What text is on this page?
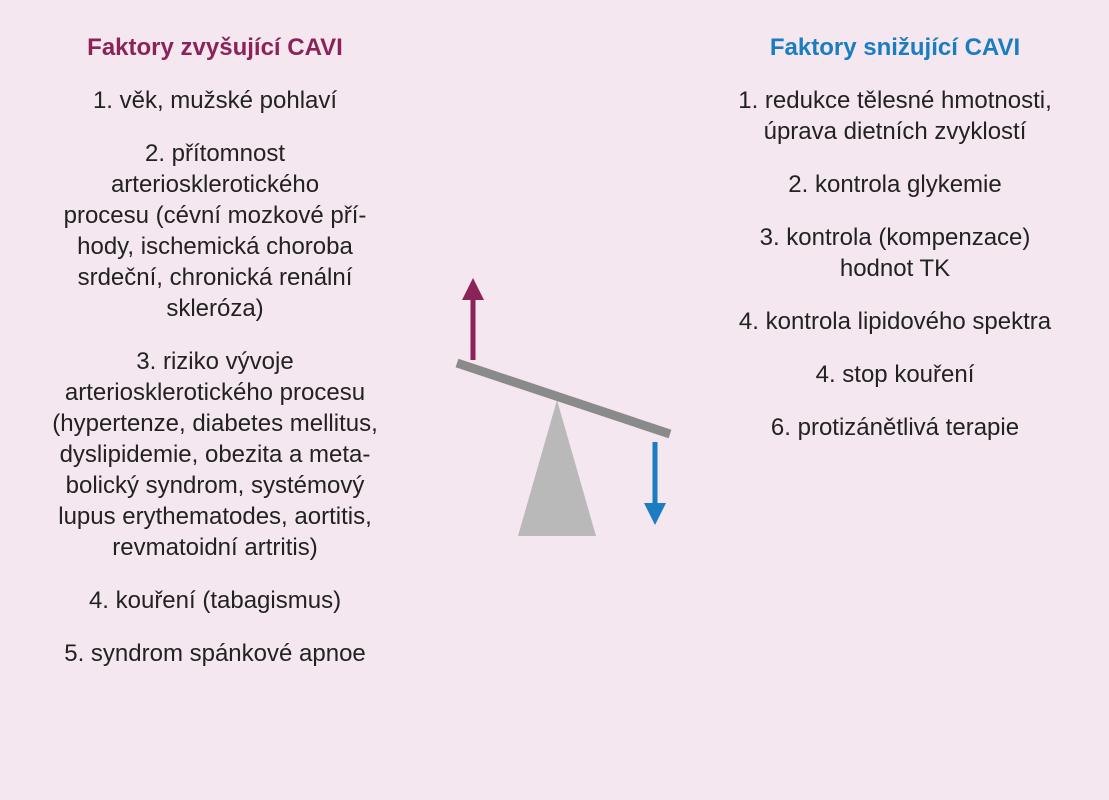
Faktory zvyšující CAVI
1. věk, mužské pohlaví
2. přítomnost
arteriosklerotického
procesu (cévní mozkové pří-
hody, ischemická choroba
srdeční, chronická renální
skleróza)
3. riziko vývoje
arteriosklerotického procesu
(hypertenze, diabetes mellitus,
dyslipidemie, obezita a meta-
bolický syndrom, systémový
lupus erythematodes, aortitis,
revmatoidní artritis)
4. kouření (tabagismus)
5. syndrom spánkové apnoe
Faktory snižující CAVI
1. redukce tělesné hmotnosti,
úprava dietních zvyklostí
2. kontrola glykemie
3. kontrola (kompenzace)
hodnot TK
4. kontrola lipidového spektra
4. stop kouření
6. protizánětlivá terapie
